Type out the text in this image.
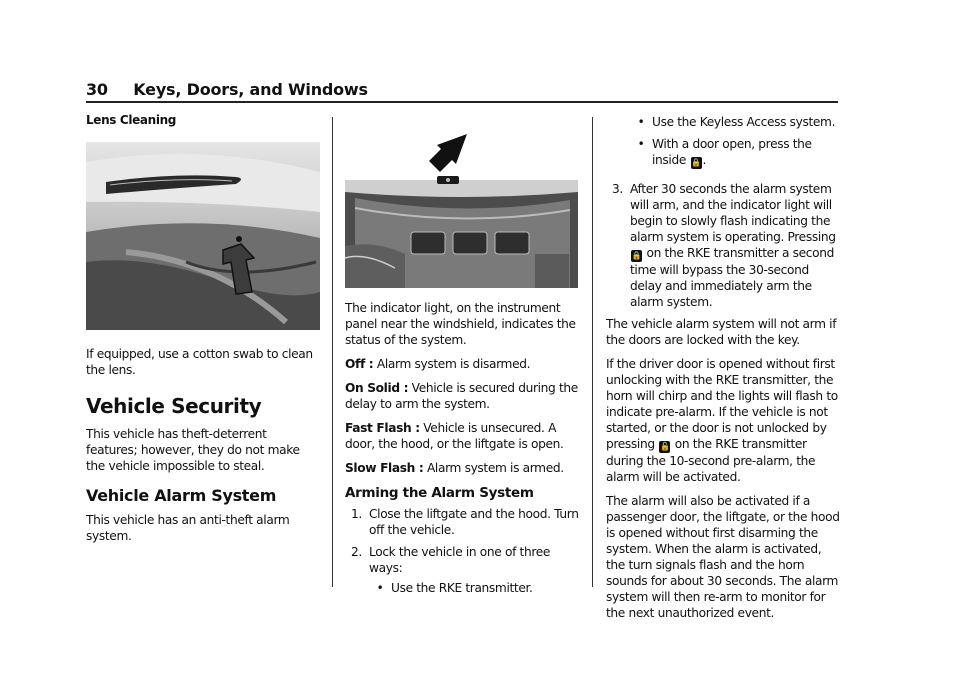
30 Keys, Doors, and Windows
Lens Cleaning

If equipped, use a cotton swab to clean the lens.

Vehicle Security

This vehicle has theft-deterrent features; however, they do not make the vehicle impossible to steal.

Vehicle Alarm System

This vehicle has an anti-theft alarm system.

The indicator light, on the instrument panel near the windshield, indicates the status of the system.

Off : Alarm system is disarmed.

On Solid : Vehicle is secured during the delay to arm the system.

Fast Flash : Vehicle is unsecured. A door, the hood, or the liftgate is open.

Slow Flash : Alarm system is armed.

Arming the Alarm System
1. Close the liftgate and the hood. Turn off the vehicle.
2. Lock the vehicle in one of three ways:
• Use the RKE transmitter.
• Use the Keyless Access system.
• With a door open, press the inside 🔒 .
3. After 30 seconds the alarm system will arm, and the indicator light will begin to slowly flash indicating the alarm system is operating. Pressing 🔒 on the RKE transmitter a second time will bypass the 30-second delay and immediately arm the alarm system.

The vehicle alarm system will not arm if the doors are locked with the key.

If the driver door is opened without first unlocking with the RKE transmitter, the horn will chirp and the lights will flash to indicate pre-alarm. If the vehicle is not started, or the door is not unlocked by pressing 🔓 on the RKE transmitter during the 10-second pre-alarm, the alarm will be activated.

The alarm will also be activated if a passenger door, the liftgate, or the hood is opened without first disarming the system. When the alarm is activated, the turn signals flash and the horn sounds for about 30 seconds. The alarm system will then re-arm to monitor for the next unauthorized event.
